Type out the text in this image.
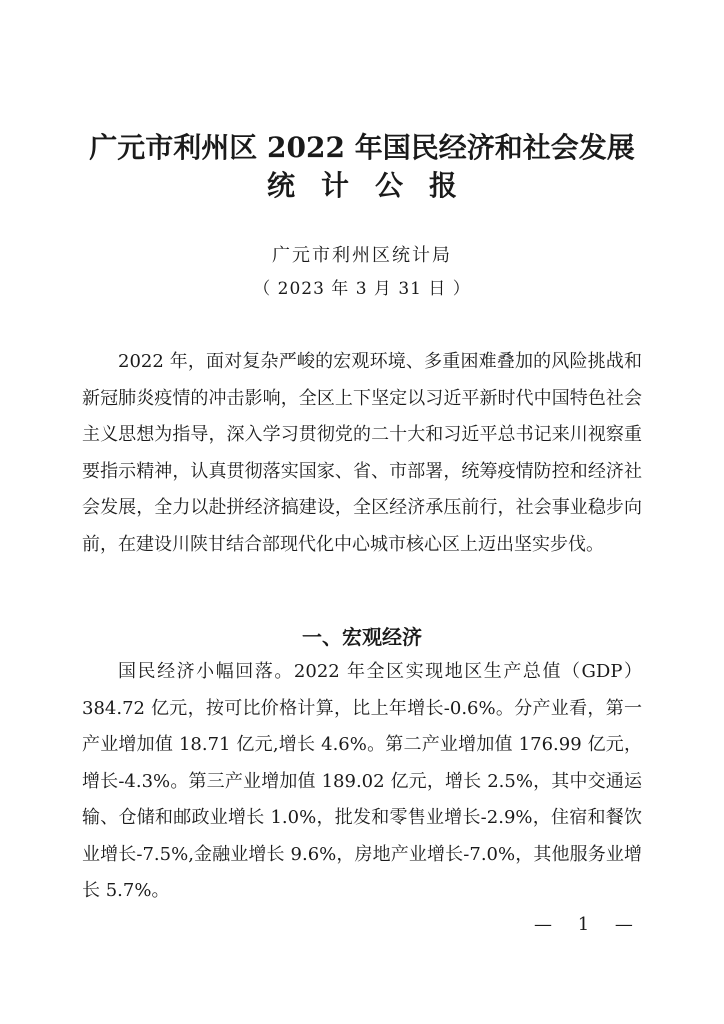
广元市利州区 2022 年国民经济和社会发展
统计公报
广元市利州区统计局
（ 2023 年 3 月 31 日 ）

2022 年，面对复杂严峻的宏观环境、多重困难叠加的风险挑战和新冠肺炎疫情的冲击影响，全区上下坚定以习近平新时代中国特色社会主义思想为指导，深入学习贯彻党的二十大和习近平总书记来川视察重要指示精神，认真贯彻落实国家、省、市部署，统筹疫情防控和经济社会发展，全力以赴拼经济搞建设，全区经济承压前行，社会事业稳步向前，在建设川陕甘结合部现代化中心城市核心区上迈出坚实步伐。

一、宏观经济

国民经济小幅回落。2022 年全区实现地区生产总值（GDP）384.72 亿元，按可比价格计算，比上年增长-0.6%。分产业看，第一产业增加值 18.71 亿元,增长 4.6%。第二产业增加值 176.99 亿元，增长-4.3%。第三产业增加值 189.02 亿元，增长 2.5%，其中交通运输、仓储和邮政业增长 1.0%，批发和零售业增长-2.9%，住宿和餐饮业增长-7.5%,金融业增长 9.6%，房地产业增长-7.0%，其他服务业增长 5.7%。

— 1 —
